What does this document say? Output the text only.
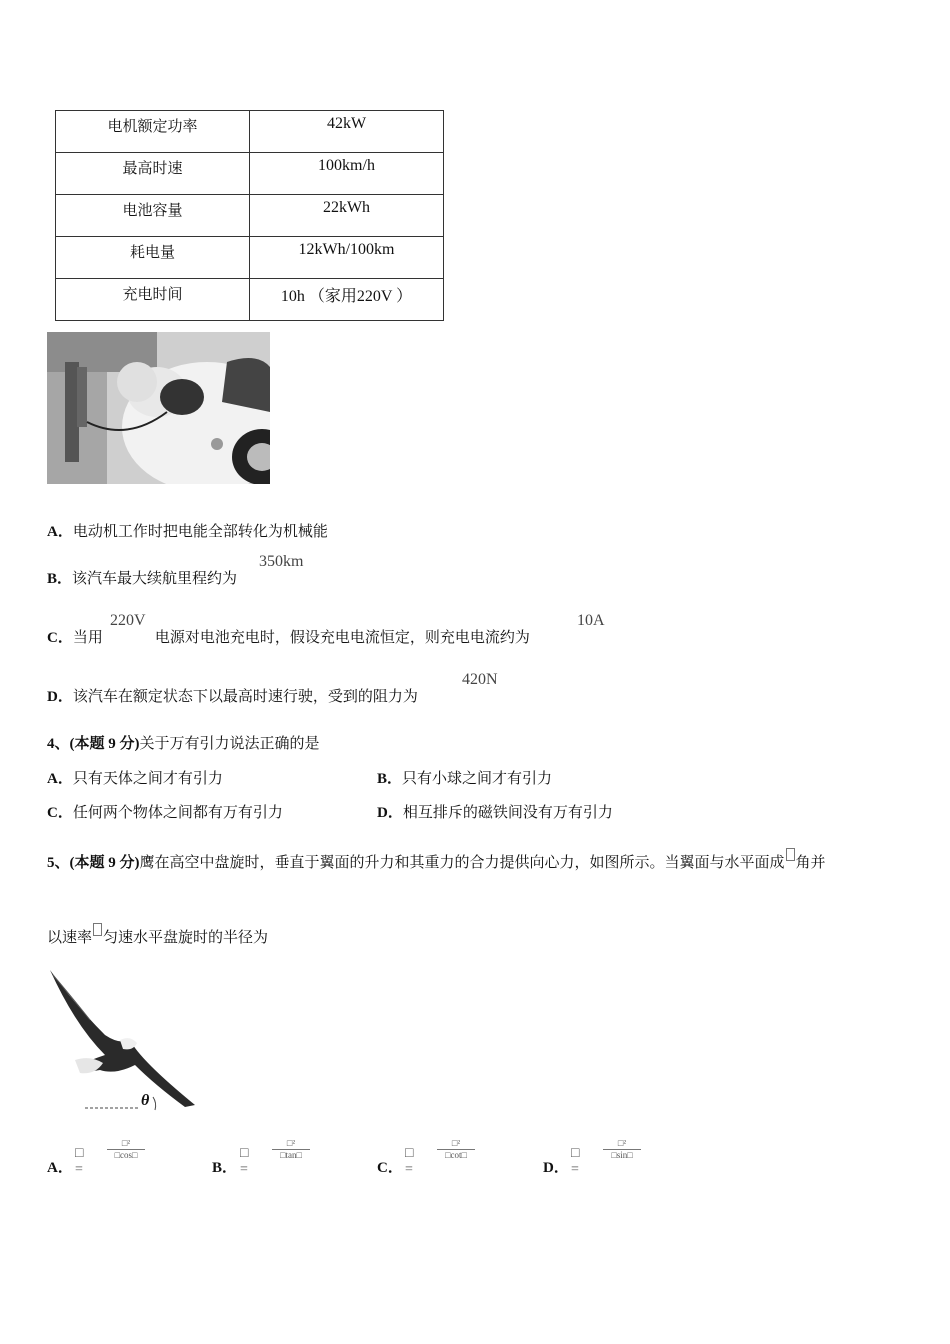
电机额定功率	42kW
最高时速	100km/h
电池容量	22kWh
耗电量	12kWh/100km
充电时间	10h （家用220V ）
A．电动机工作时把电能全部转化为机械能
B．该汽车最大续航里程约为
350km
C．当用	电源对电池充电时，假设充电电流恒定，则充电电流约为
220V	10A
D．该汽车在额定状态下以最高时速行驶，受到的阻力为
420N
4、(本题 9 分)关于万有引力说法正确的是
A．只有天体之间才有引力	B．只有小球之间才有引力
C．任何两个物体之间都有万有引力	D．相互排斥的磁铁间没有万有引力
5、(本题 9 分)鹰在高空中盘旋时，垂直于翼面的升力和其重力的合力提供向心力，如图所示。当翼面与水平面成 角并
以速率 匀速水平盘旋时的半径为
θ
A．
□ =
□²
□cos□
B．
□ =
□²
□tan□
C．
□ =
□²
□cot□
D．
□ =
□²
□sin□
